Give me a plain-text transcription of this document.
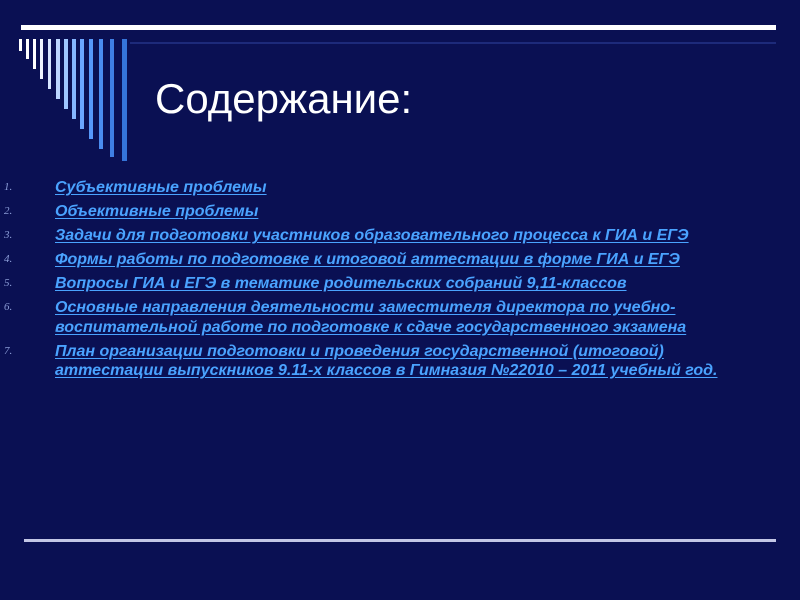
Содержание:
1.	Субъективные проблемы
2.	Объективные проблемы
3.	Задачи для подготовки участников образовательного процесса к ГИА и ЕГЭ
4.	Формы работы по подготовке к итоговой аттестации в форме ГИА и ЕГЭ
5.	Вопросы ГИА и ЕГЭ в тематике родительских собраний 9,11-классов
6.	Основные направления деятельности заместителя директора по учебно-воспитательной работе по подготовке к сдаче государственного экзамена
7.	План организации подготовки и проведения государственной (итоговой) аттестации выпускников 9.11-х классов в Гимназия №22010 – 2011 учебный год.
